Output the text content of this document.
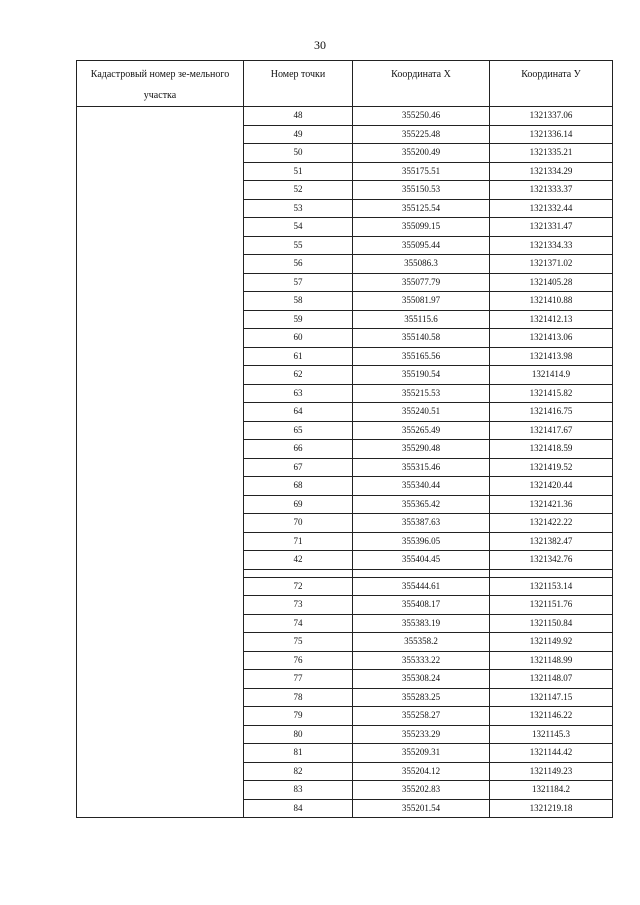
30
Кадастровый номер зе-мельного участка	Номер точки	Координата Х	Координата У
	48	355250.46	1321337.06
	49	355225.48	1321336.14
	50	355200.49	1321335.21
	51	355175.51	1321334.29
	52	355150.53	1321333.37
	53	355125.54	1321332.44
	54	355099.15	1321331.47
	55	355095.44	1321334.33
	56	355086.3	1321371.02
	57	355077.79	1321405.28
	58	355081.97	1321410.88
	59	355115.6	1321412.13
	60	355140.58	1321413.06
	61	355165.56	1321413.98
	62	355190.54	1321414.9
	63	355215.53	1321415.82
	64	355240.51	1321416.75
	65	355265.49	1321417.67
	66	355290.48	1321418.59
	67	355315.46	1321419.52
	68	355340.44	1321420.44
	69	355365.42	1321421.36
	70	355387.63	1321422.22
	71	355396.05	1321382.47
	42	355404.45	1321342.76

	72	355444.61	1321153.14
	73	355408.17	1321151.76
	74	355383.19	1321150.84
	75	355358.2	1321149.92
	76	355333.22	1321148.99
	77	355308.24	1321148.07
	78	355283.25	1321147.15
	79	355258.27	1321146.22
	80	355233.29	1321145.3
	81	355209.31	1321144.42
	82	355204.12	1321149.23
	83	355202.83	1321184.2
	84	355201.54	1321219.18
